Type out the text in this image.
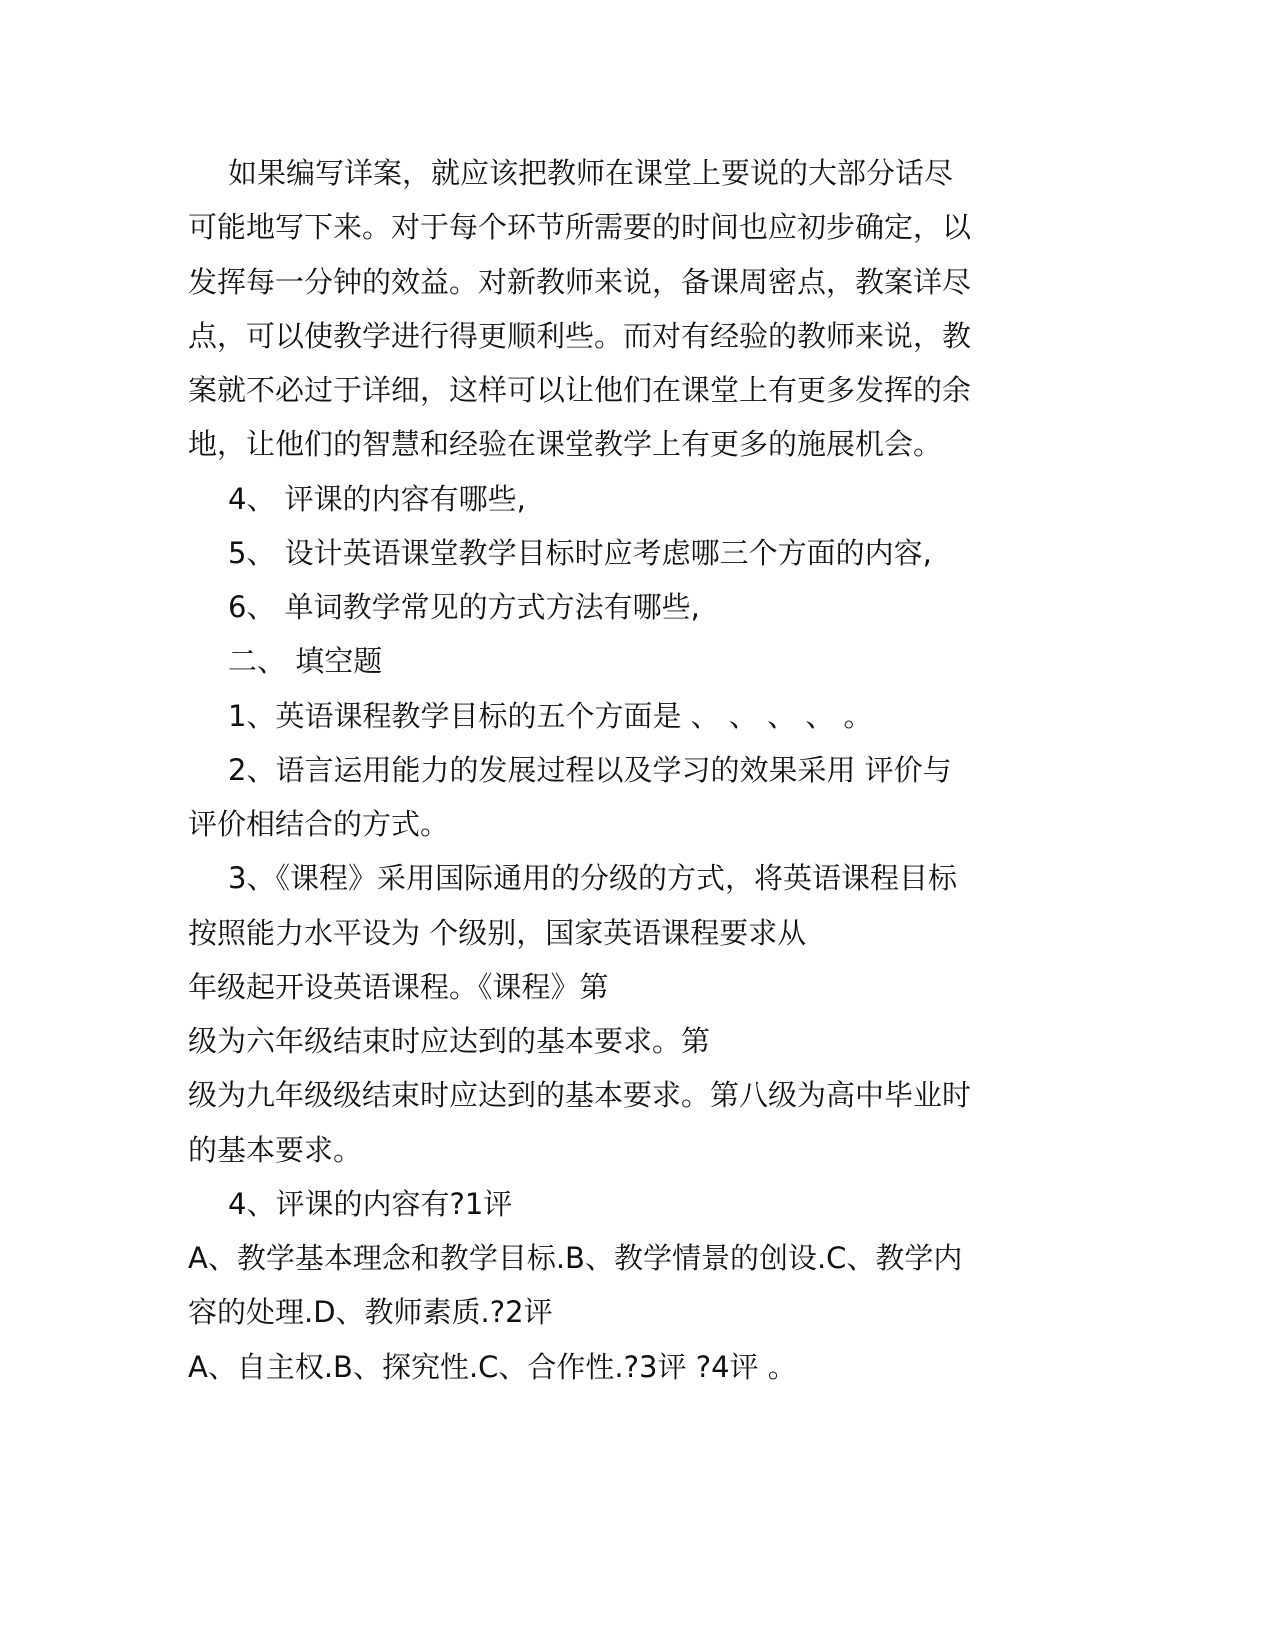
如果编写详案，就应该把教师在课堂上要说的大部分话尽
可能地写下来。对于每个环节所需要的时间也应初步确定，以
发挥每一分钟的效益。对新教师来说，备课周密点，教案详尽
点，可以使教学进行得更顺利些。而对有经验的教师来说，教
案就不必过于详细，这样可以让他们在课堂上有更多发挥的余
地，让他们的智慧和经验在课堂教学上有更多的施展机会。
4、 评课的内容有哪些,
5、 设计英语课堂教学目标时应考虑哪三个方面的内容,
6、 单词教学常见的方式方法有哪些,
二、 填空题
1、英语课程教学目标的五个方面是 、 、 、 、 。
2、语言运用能力的发展过程以及学习的效果采用 评价与
评价相结合的方式。
3、《课程》采用国际通用的分级的方式，将英语课程目标
按照能力水平设为 个级别，国家英语课程要求从
年级起开设英语课程。《课程》第
级为六年级结束时应达到的基本要求。第
级为九年级级结束时应达到的基本要求。第八级为高中毕业时
的基本要求。
4、评课的内容有?1评
A、教学基本理念和教学目标.B、教学情景的创设.C、教学内
容的处理.D、教师素质.?2评
A、自主权.B、探究性.C、合作性.?3评 ?4评 。
